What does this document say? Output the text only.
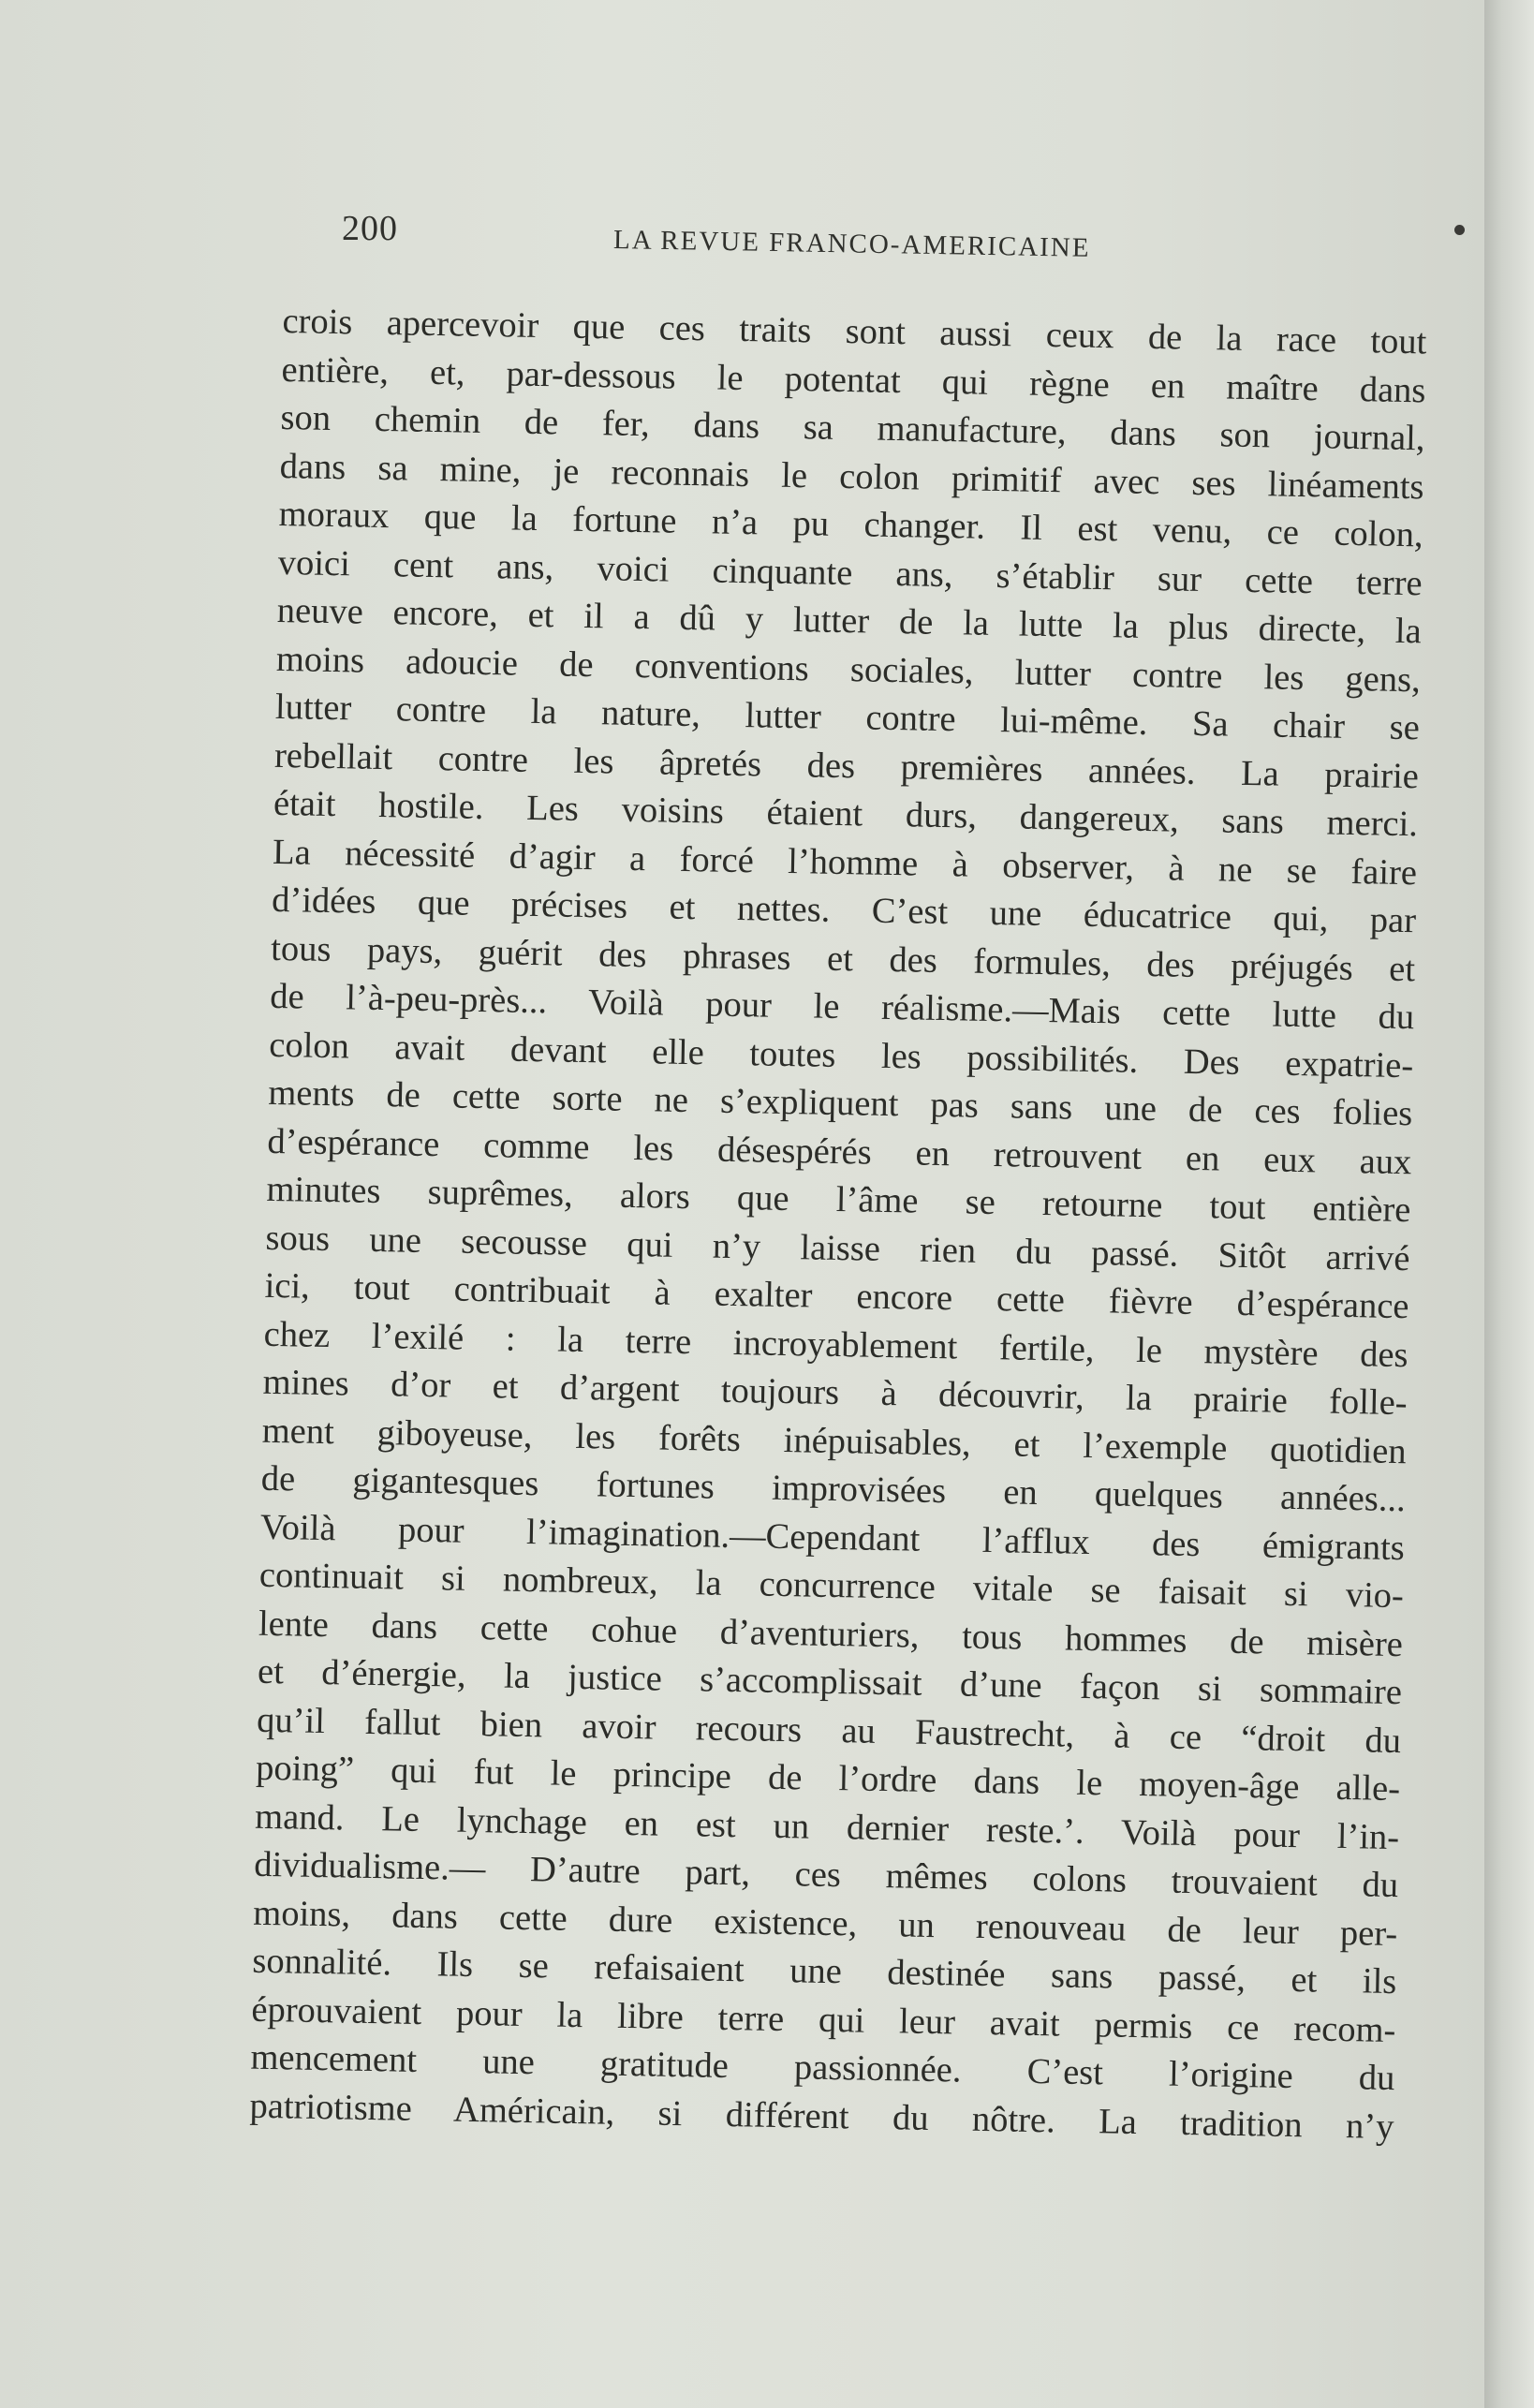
200	LA REVUE FRANCO-AMERICAINE
crois apercevoir que ces traits sont aussi ceux de la race tout
entière, et, par-dessous le potentat qui règne en maître dans
son chemin de fer, dans sa manufacture, dans son journal,
dans sa mine, je reconnais le colon primitif avec ses linéaments
moraux que la fortune n’a pu changer. Il est venu, ce colon,
voici cent ans, voici cinquante ans, s’établir sur cette terre
neuve encore, et il a dû y lutter de la lutte la plus directe, la
moins adoucie de conventions sociales, lutter contre les gens,
lutter contre la nature, lutter contre lui-même. Sa chair se
rebellait contre les âpretés des premières années. La prairie
était hostile. Les voisins étaient durs, dangereux, sans merci.
La nécessité d’agir a forcé l’homme à observer, à ne se faire
d’idées que précises et nettes. C’est une éducatrice qui, par
tous pays, guérit des phrases et des formules, des préjugés et
de l’à-peu-près... Voilà pour le réalisme.—Mais cette lutte du
colon avait devant elle toutes les possibilités. Des expatrie-
ments de cette sorte ne s’expliquent pas sans une de ces folies
d’espérance comme les désespérés en retrouvent en eux aux
minutes suprêmes, alors que l’âme se retourne tout entière
sous une secousse qui n’y laisse rien du passé. Sitôt arrivé
ici, tout contribuait à exalter encore cette fièvre d’espérance
chez l’exilé : la terre incroyablement fertile, le mystère des
mines d’or et d’argent toujours à découvrir, la prairie folle-
ment giboyeuse, les forêts inépuisables, et l’exemple quotidien
de gigantesques fortunes improvisées en quelques années...
Voilà pour l’imagination.—Cependant l’afflux des émigrants
continuait si nombreux, la concurrence vitale se faisait si vio-
lente dans cette cohue d’aventuriers, tous hommes de misère
et d’énergie, la justice s’accomplissait d’une façon si sommaire
qu’il fallut bien avoir recours au Faustrecht, à ce “droit du
poing” qui fut le principe de l’ordre dans le moyen-âge alle-
mand. Le lynchage en est un dernier reste.’. Voilà pour l’in-
dividualisme.— D’autre part, ces mêmes colons trouvaient du
moins, dans cette dure existence, un renouveau de leur per-
sonnalité. Ils se refaisaient une destinée sans passé, et ils
éprouvaient pour la libre terre qui leur avait permis ce recom-
mencement une gratitude passionnée. C’est l’origine du
patriotisme Américain, si différent du nôtre. La tradition n’y
